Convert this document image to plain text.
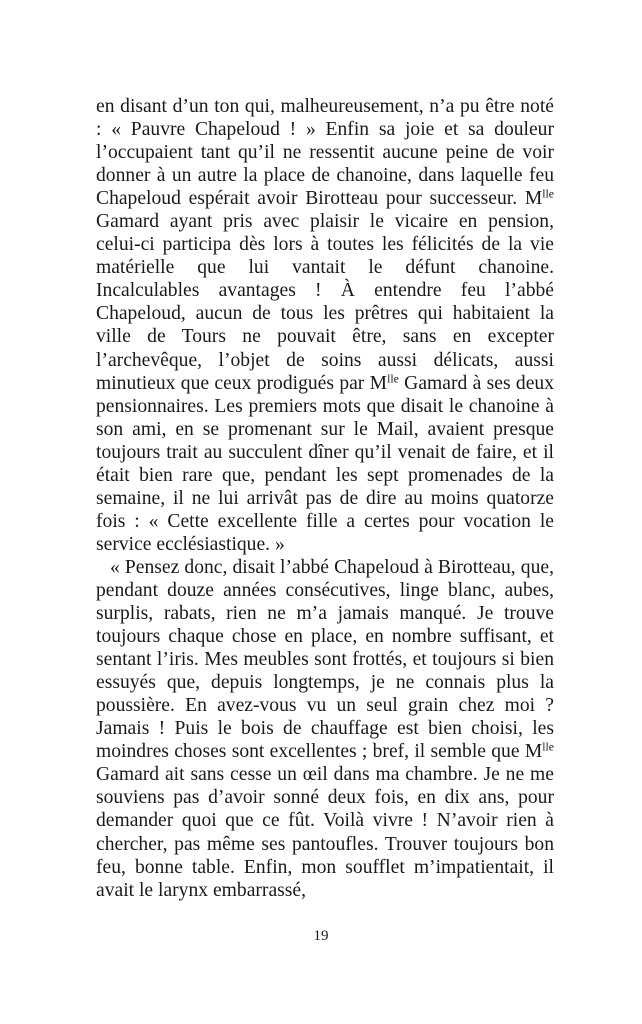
en disant d’un ton qui, malheureusement, n’a pu être noté : « Pauvre Chapeloud ! » Enfin sa joie et sa douleur l’occupaient tant qu’il ne ressentit aucune peine de voir donner à un autre la place de chanoine, dans laquelle feu Chapeloud espérait avoir Birotteau pour successeur. $M^{lle}$ Gamard ayant pris avec plaisir le vicaire en pension, celui-ci participa dès lors à toutes les félicités de la vie matérielle que lui vantait le défunt chanoine. Incalculables avantages ! À entendre feu l’abbé Chapeloud, aucun de tous les prêtres qui habitaient la ville de Tours ne pouvait être, sans en excepter l’archevêque, l’objet de soins aussi délicats, aussi minutieux que ceux prodigués par $M^{lle}$ Gamard à ses deux pensionnaires. Les premiers mots que disait le chanoine à son ami, en se promenant sur le Mail, avaient presque toujours trait au succulent dîner qu’il venait de faire, et il était bien rare que, pendant les sept promenades de la semaine, il ne lui arrivât pas de dire au moins quatorze fois : « Cette excellente fille a certes pour vocation le service ecclésiastique. »

« Pensez donc, disait l’abbé Chapeloud à Birotteau, que, pendant douze années consécutives, linge blanc, aubes, surplis, rabats, rien ne m’a jamais manqué. Je trouve toujours chaque chose en place, en nombre suffisant, et sentant l’iris. Mes meubles sont frottés, et toujours si bien essuyés que, depuis longtemps, je ne connais plus la poussière. En avez-vous vu un seul grain chez moi ? Jamais ! Puis le bois de chauffage est bien choisi, les moindres choses sont excellentes ; bref, il semble que $M^{lle}$ Gamard ait sans cesse un œil dans ma chambre. Je ne me souviens pas d’avoir sonné deux fois, en dix ans, pour demander quoi que ce fût. Voilà vivre ! N’avoir rien à chercher, pas même ses pantoufles. Trouver toujours bon feu, bonne table. Enfin, mon soufflet m’impatientait, il avait le larynx embarrassé,

19
